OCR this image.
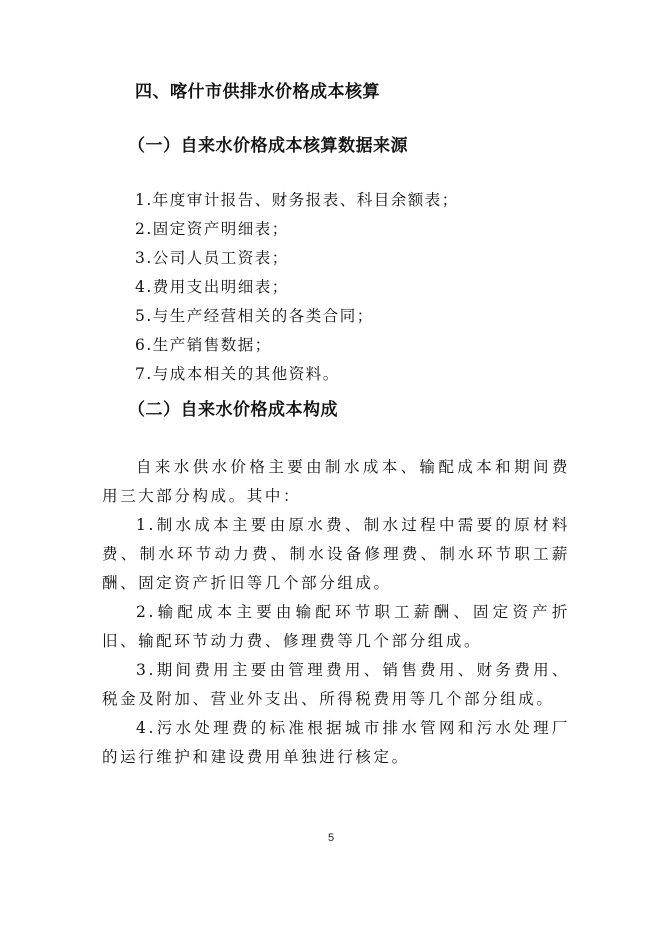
四、喀什市供排水价格成本核算
（一）自来水价格成本核算数据来源
1.年度审计报告、财务报表、科目余额表；
2.固定资产明细表；
3.公司人员工资表；
4.费用支出明细表；
5.与生产经营相关的各类合同；
6.生产销售数据；
7.与成本相关的其他资料。
（二）自来水价格成本构成

自来水供水价格主要由制水成本、输配成本和期间费用三大部分构成。其中：

1.制水成本主要由原水费、制水过程中需要的原材料费、制水环节动力费、制水设备修理费、制水环节职工薪酬、固定资产折旧等几个部分组成。

2.输配成本主要由输配环节职工薪酬、固定资产折旧、输配环节动力费、修理费等几个部分组成。

3.期间费用主要由管理费用、销售费用、财务费用、税金及附加、营业外支出、所得税费用等几个部分组成。

4.污水处理费的标准根据城市排水管网和污水处理厂的运行维护和建设费用单独进行核定。

5
